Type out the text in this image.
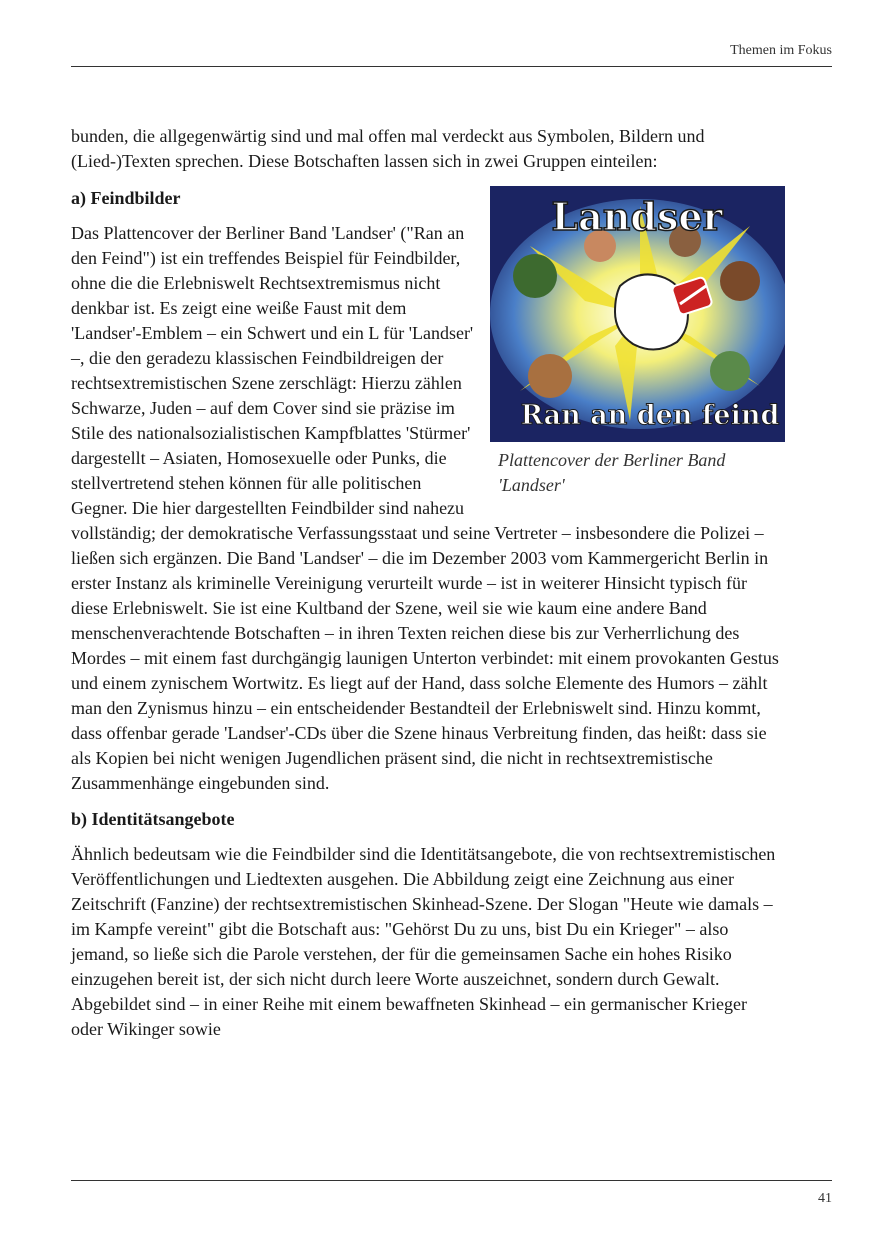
Themen im Fokus

bunden, die allgegenwärtig sind und mal offen mal verdeckt aus Symbolen, Bildern und (Lied-)Texten sprechen. Diese Botschaften lassen sich in zwei Gruppen einteilen:

Landser
Ran an den feind
Plattencover der Berliner Band 'Landser'
a) Feindbilder

Das Plattencover der Berliner Band 'Landser' ("Ran an den Feind") ist ein treffendes Beispiel für Feindbilder, ohne die die Erlebniswelt Rechtsextremismus nicht denkbar ist. Es zeigt eine weiße Faust mit dem 'Landser'-Emblem – ein Schwert und ein L für 'Landser' –, die den geradezu klassischen Feindbildreigen der rechtsextremistischen Szene zerschlägt: Hierzu zählen Schwarze, Juden – auf dem Cover sind sie präzise im Stile des nationalsozialistischen Kampfblattes 'Stürmer' dargestellt – Asiaten, Homosexuelle oder Punks, die stellvertretend stehen können für alle politischen Gegner. Die hier dargestellten Feindbilder sind nahezu vollständig; der demokratische Verfassungsstaat und seine Vertreter – insbesondere die Polizei – ließen sich ergänzen. Die Band 'Landser' – die im Dezember 2003 vom Kammergericht Berlin in erster Instanz als kriminelle Vereinigung verurteilt wurde – ist in weiterer Hinsicht typisch für diese Erlebniswelt. Sie ist eine Kultband der Szene, weil sie wie kaum eine andere Band menschenverachtende Botschaften – in ihren Texten reichen diese bis zur Verherrlichung des Mordes – mit einem fast durchgängig launigen Unterton verbindet: mit einem provokanten Gestus und einem zynischem Wortwitz. Es liegt auf der Hand, dass solche Elemente des Humors – zählt man den Zynismus hinzu – ein entscheidender Bestandteil der Erlebniswelt sind. Hinzu kommt, dass offenbar gerade 'Landser'-CDs über die Szene hinaus Verbreitung finden, das heißt: dass sie als Kopien bei nicht wenigen Jugendlichen präsent sind, die nicht in rechtsextremistische Zusammenhänge eingebunden sind.

b) Identitätsangebote

Ähnlich bedeutsam wie die Feindbilder sind die Identitätsangebote, die von rechtsextremistischen Veröffentlichungen und Liedtexten ausgehen. Die Abbildung zeigt eine Zeichnung aus einer Zeitschrift (Fanzine) der rechtsextremistischen Skinhead-Szene. Der Slogan "Heute wie damals – im Kampfe vereint" gibt die Botschaft aus: "Gehörst Du zu uns, bist Du ein Krieger" – also jemand, so ließe sich die Parole verstehen, der für die gemeinsamen Sache ein hohes Risiko einzugehen bereit ist, der sich nicht durch leere Worte auszeichnet, sondern durch Gewalt. Abgebildet sind – in einer Reihe mit einem bewaffneten Skinhead – ein germanischer Krieger oder Wikinger sowie

41
